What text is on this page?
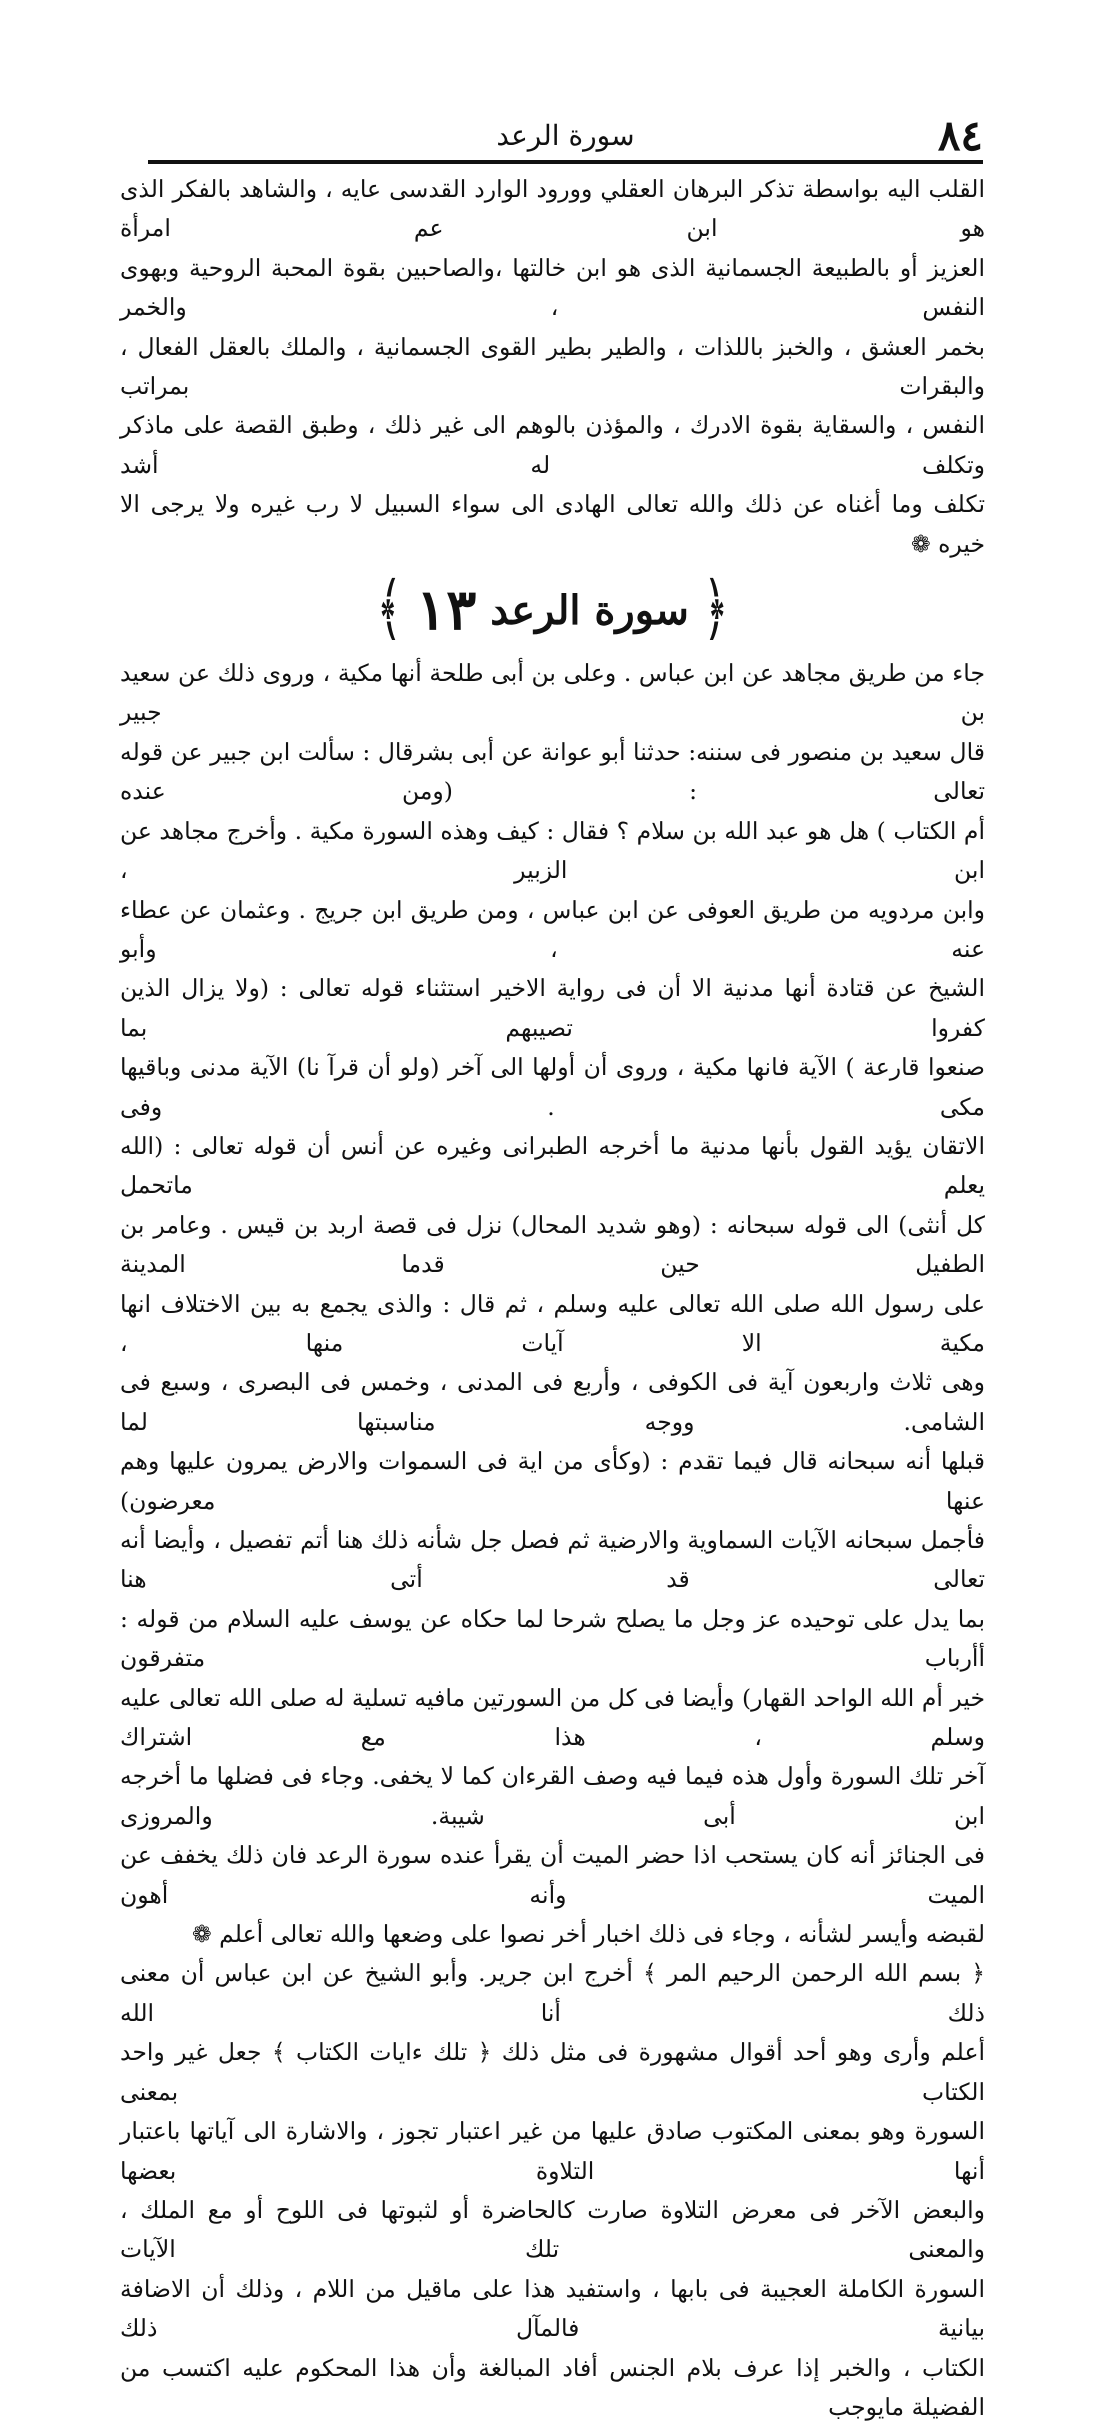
٨٤
سورة الرعد

القلب اليه بواسطة تذكر البرهان العقلي وورود الوارد القدسى عايه ، والشاهد بالفكر الذى هو ابن عم امرأة

العزيز أو بالطبيعة الجسمانية الذى هو ابن خالتها ،والصاحبين بقوة المحبة الروحية وبهوى النفس ، والخمر

بخمر العشق ، والخبز باللذات ، والطير بطير القوى الجسمانية ، والملك بالعقل الفعال ، والبقرات بمراتب

النفس ، والسقاية بقوة الادرك ، والمؤذن بالوهم الى غير ذلك ، وطبق القصة على ماذكر وتكلف له أشد

تكلف وما أغناه عن ذلك والله تعالى الهادى الى سواء السبيل لا رب غيره ولا يرجى الا خيره ❁

﴿
سورة الرعد
١٣
﴾

جاء من طريق مجاهد عن ابن عباس . وعلى بن أبى طلحة أنها مكية ، وروى ذلك عن سعيد بن جبير

قال سعيد بن منصور فى سننه: حدثنا أبو عوانة عن أبى بشرقال : سألت ابن جبير عن قوله تعالى : (ومن عنده

أم الكتاب ) هل هو عبد الله بن سلام ؟ فقال : كيف وهذه السورة مكية . وأخرج مجاهد عن ابن الزبير ،

وابن مردويه من طريق العوفى عن ابن عباس ، ومن طريق ابن جريج . وعثمان عن عطاء عنه ، وأبو

الشيخ عن قتادة أنها مدنية الا أن فى رواية الاخير استثناء قوله تعالى : (ولا يزال الذين كفروا تصيبهم بما

صنعوا قارعة ) الآية فانها مكية ، وروى أن أولها الى آخر (ولو أن قرآ نا) الآية مدنى وباقيها مكى . وفى

الاتقان يؤيد القول بأنها مدنية ما أخرجه الطبرانى وغيره عن أنس أن قوله تعالى : (الله يعلم ماتحمل

كل أنثى) الى قوله سبحانه : (وهو شديد المحال) نزل فى قصة اربد بن قيس . وعامر بن الطفيل حين قدما المدينة

على رسول الله صلى الله تعالى عليه وسلم ، ثم قال : والذى يجمع به بين الاختلاف انها مكية الا آيات منها ،

وهى ثلاث واربعون آية فى الكوفى ، وأربع فى المدنى ، وخمس فى البصرى ، وسبع فى الشامى. ووجه مناسبتها لما

قبلها أنه سبحانه قال فيما تقدم : (وكأى من اية فى السموات والارض يمرون عليها وهم عنها معرضون)

فأجمل سبحانه الآيات السماوية والارضية ثم فصل جل شأنه ذلك هنا أتم تفصيل ، وأيضا أنه تعالى قد أتى هنا

بما يدل على توحيده عز وجل ما يصلح شرحا لما حكاه عن يوسف عليه السلام من قوله : أأرباب متفرقون

خير أم الله الواحد القهار) وأيضا فى كل من السورتين مافيه تسلية له صلى الله تعالى عليه وسلم ، هذا مع اشتراك

آخر تلك السورة وأول هذه فيما فيه وصف القرءان كما لا يخفى. وجاء فى فضلها ما أخرجه ابن أبى شيبة. والمروزى

فى الجنائز أنه كان يستحب اذا حضر الميت أن يقرأ عنده سورة الرعد فان ذلك يخفف عن الميت وأنه أهون

لقبضه وأيسر لشأنه ، وجاء فى ذلك اخبار أخر نصوا على وضعها والله تعالى أعلم ❁

﴿ بسم الله الرحمن الرحيم المر ﴾ أخرج ابن جرير. وأبو الشيخ عن ابن عباس أن معنى ذلك أنا الله

أعلم وأرى وهو أحد أقوال مشهورة فى مثل ذلك ﴿ تلك ءايات الكتاب ﴾ جعل غير واحد الكتاب بمعنى

السورة وهو بمعنى المكتوب صادق عليها من غير اعتبار تجوز ، والاشارة الى آياتها باعتبار أنها التلاوة بعضها

والبعض الآخر فى معرض التلاوة صارت كالحاضرة أو لثبوتها فى اللوح أو مع الملك ، والمعنى تلك الآيات

السورة الكاملة العجيبة فى بابها ، واستفيد هذا على ماقيل من اللام ، وذلك أن الاضافة بيانية فالمآل ذلك

الكتاب ، والخبر إذا عرف بلام الجنس أفاد المبالغة وأن هذا المحكوم عليه اكتسب من الفضيلة مايوجب
